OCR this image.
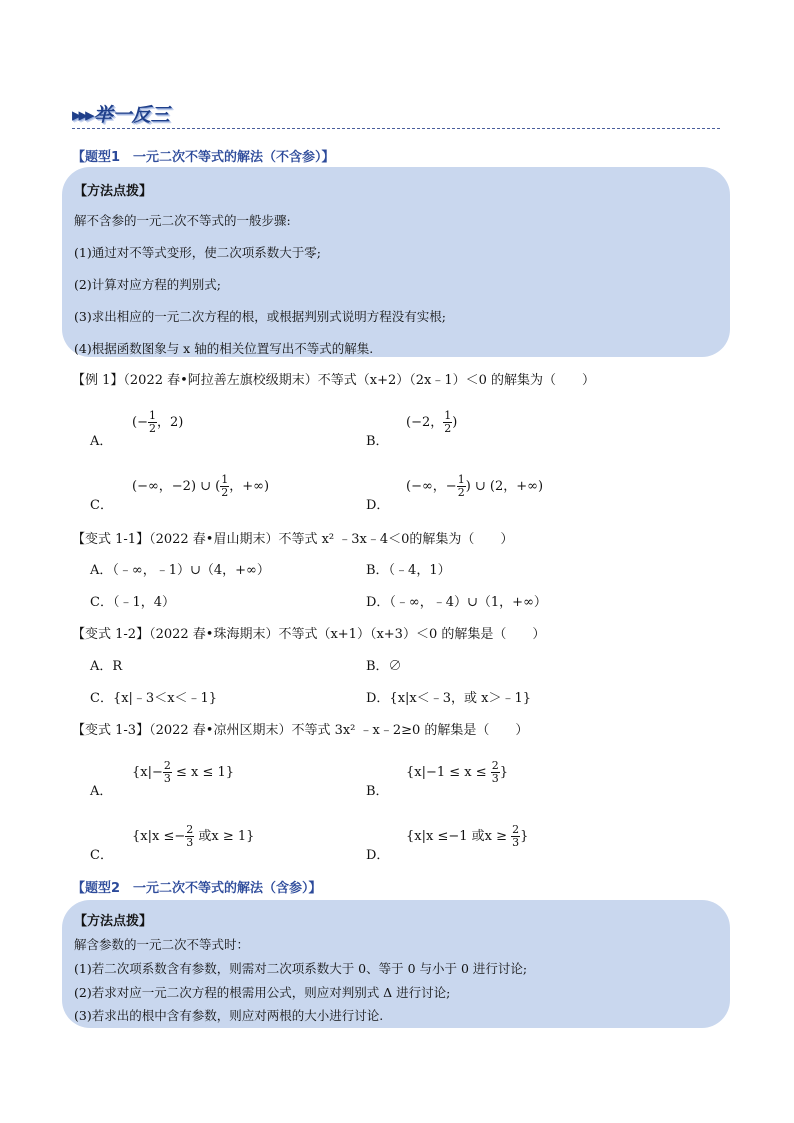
▸▸▸ 举一反三
【题型1　一元二次不等式的解法（不含参）】
【方法点拨】
解不含参的一元二次不等式的一般步骤:
(1)通过对不等式变形，使二次项系数大于零;
(2)计算对应方程的判别式;
(3)求出相应的一元二次方程的根，或根据判别式说明方程没有实根;
(4)根据函数图象与 x 轴的相关位置写出不等式的解集.
【例 1】（2022 春•阿拉善左旗校级期末）不等式（x+2）（2x﹣1）＜0 的解集为（　　）
A．
(− $\frac{1}{2}$ ，2)
B．
(−2， $\frac{1}{2}$ )
C．
(−∞，−2) ∪ ( $\frac{1}{2}$ ，+∞)
D．
(−∞，− $\frac{1}{2}$ ) ∪ (2，+∞)
【变式 1-1】（2022 春•眉山期末）不等式 x² ﹣3x﹣4＜0的解集为（　　）
A．（﹣∞，﹣1）∪（4，+∞）	B．（﹣4，1）
C．（﹣1，4）	D．（﹣∞，﹣4）∪（1，+∞）
【变式 1-2】（2022 春•珠海期末）不等式（x+1）（x+3）＜0 的解集是（　　）
A．R	B．∅
C．{x|﹣3＜x＜﹣1}	D．{x|x＜﹣3，或 x＞﹣1}
【变式 1-3】（2022 春•凉州区期末）不等式 3x² ﹣x﹣2≥0 的解集是（　　）
A．
$\{x|- \frac{2}{3} \le x \le 1\}$
B．
{$x|-1 \le x \le \frac{2}{3}$ }
C．
{$x|x \le- \frac{2}{3}$ 或x ≥ 1}
D．
{x|x ≤−1 或$x \ge \frac{2}{3}$ }
【题型2　一元二次不等式的解法（含参）】
【方法点拨】
解含参数的一元二次不等式时：
(1)若二次项系数含有参数，则需对二次项系数大于 0、等于 0 与小于 0 进行讨论;
(2)若求对应一元二次方程的根需用公式，则应对判别式 Δ 进行讨论;
(3)若求出的根中含有参数，则应对两根的大小进行讨论.
